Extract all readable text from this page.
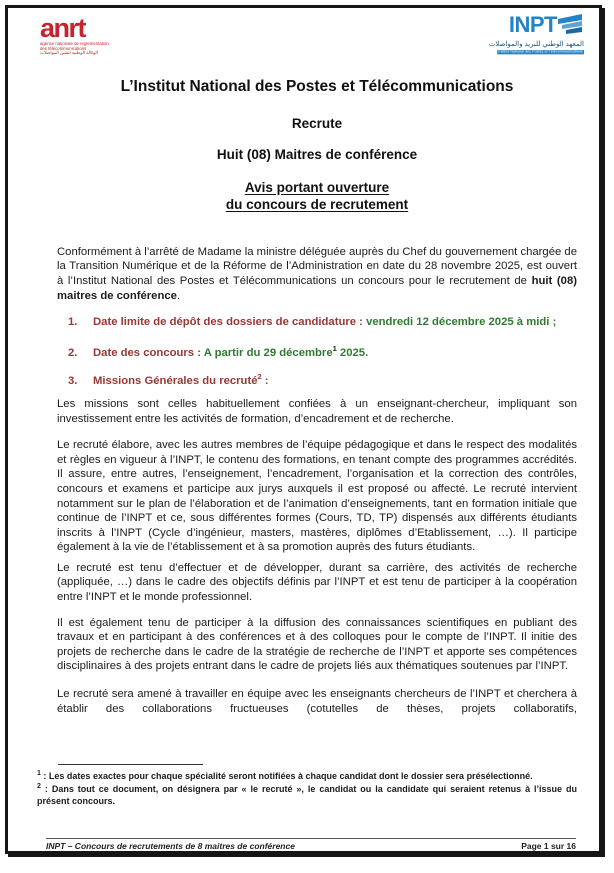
anrt
agence nationale de réglementation
des télécommunications
الوكالة الوطنية لتقنين المواصلات
INPT
المعهد الوطني للبريد والمواصلات
Institut National des Postes et Télécommunications
L’Institut National des Postes et Télécommunications
Recrute
Huit (08) Maitres de conférence
Avis portant ouverture
du concours de recrutement

Conformément à l’arrêté de Madame la ministre déléguée auprès du Chef du gouvernement chargée de la Transition Numérique et de la Réforme de l’Administration en date du 28 novembre 2025, est ouvert à l’Institut National des Postes et Télécommunications un concours pour le recrutement de huit (08) maitres de conférence.

1.	Date limite de dépôt des dossiers de candidature : vendredi 12 décembre 2025 à midi ;
2.	Date des concours : A partir du 29 décembre$^1$ 2025.
3.	Missions Générales du recruté$^2$ :

Les missions sont celles habituellement confiées à un enseignant-chercheur, impliquant son investissement entre les activités de formation, d’encadrement et de recherche.

Le recruté élabore, avec les autres membres de l’équipe pédagogique et dans le respect des modalités et règles en vigueur à l’INPT, le contenu des formations, en tenant compte des programmes accrédités. Il assure, entre autres, l’enseignement, l’encadrement, l’organisation et la correction des contrôles, concours et examens et participe aux jurys auxquels il est proposé ou affecté. Le recruté intervient notamment sur le plan de l’élaboration et de l’animation d’enseignements, tant en formation initiale que continue de l’INPT et ce, sous différentes formes (Cours, TD, TP) dispensés aux différents étudiants inscrits à l’INPT (Cycle d’ingénieur, masters, mastères, diplômes d’Etablissement, …). Il participe également à la vie de l’établissement et à sa promotion auprès des futurs étudiants.

Le recruté est tenu d’effectuer et de développer, durant sa carrière, des activités de recherche (appliquée, …) dans le cadre des objectifs définis par l’INPT et est tenu de participer à la coopération entre l’INPT et le monde professionnel.

Il est également tenu de participer à la diffusion des connaissances scientifiques en publiant des travaux et en participant à des conférences et à des colloques pour le compte de l’INPT. Il initie des projets de recherche dans le cadre de la stratégie de recherche de l’INPT et apporte ses compétences disciplinaires à des projets entrant dans le cadre de projets liés aux thématiques soutenues par l’INPT.

Le recruté sera amené à travailler en équipe avec les enseignants chercheurs de l’INPT et cherchera à établir des collaborations fructueuses (cotutelles de thèses, projets collaboratifs,

$^1$ : Les dates exactes pour chaque spécialité seront notifiées à chaque candidat dont le dossier sera présélectionné.
$^2$ : Dans tout ce document, on désignera par « le recruté », le candidat ou la candidate qui seraient retenus à l’issue du présent concours.
INPT – Concours de recrutements de 8 maitres de conférence	Page 1 sur 16
